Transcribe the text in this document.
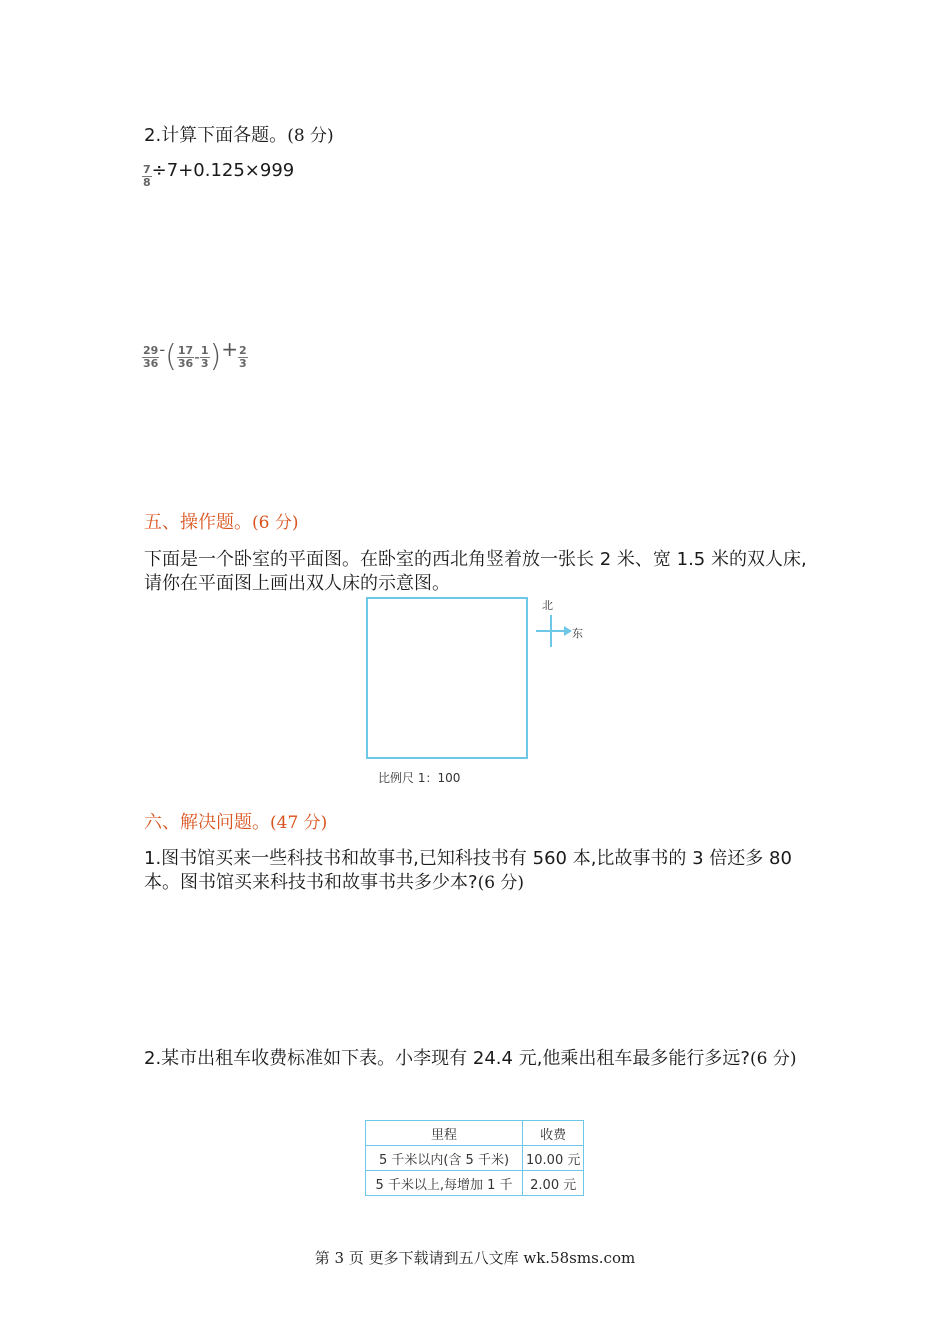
2.计算下面各题。(8 分)
$\frac{7}{8} \div 7+0.125\times 999$
$\frac{29}{36}$ -( $\frac{17}{36} - \frac{1}{3}$ )+ $\frac{2}{3}$
五、操作题。(6 分)
下面是一个卧室的平面图。在卧室的西北角竖着放一张长 2 米、宽 1.5 米的双人床,请你在平面图上画出双人床的示意图。
北
东
比例尺 1：100
六、解决问题。(47 分)
1.图书馆买来一些科技书和故事书,已知科技书有 560 本,比故事书的 3 倍还多 80 本。图书馆买来科技书和故事书共多少本?(6 分)
2.某市出租车收费标准如下表。小李现有 24.4 元,他乘出租车最多能行多远?(6 分)
里程	收费
5 千米以内(含 5 千米)	10.00 元
5 千米以上,每增加 1 千	2.00 元
第 3 页 更多下载请到五八文库 wk.58sms.com
